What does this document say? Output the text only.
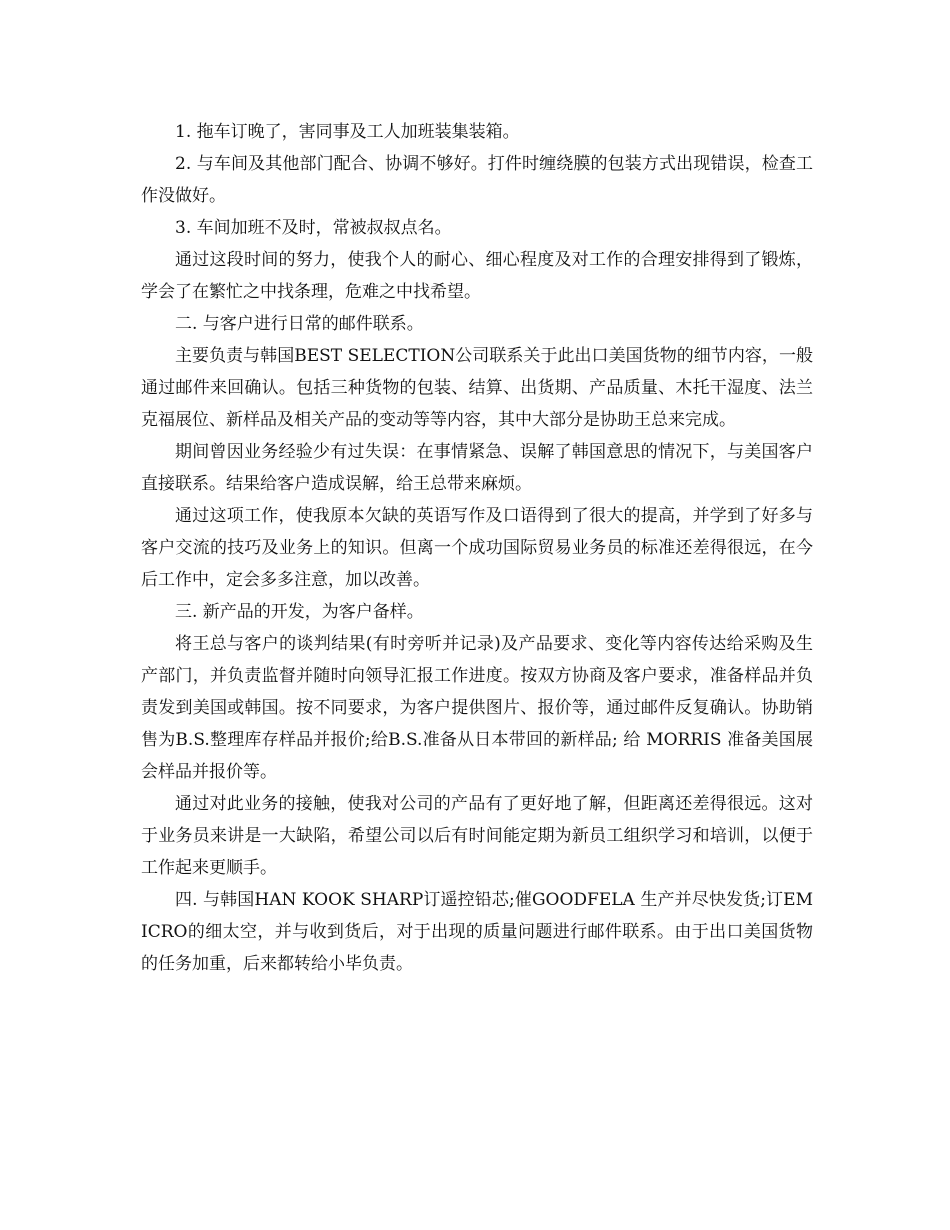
1. 拖车订晚了，害同事及工人加班装集装箱。

2. 与车间及其他部门配合、协调不够好。打件时缠绕膜的包装方式出现错误，检查工作没做好。

3. 车间加班不及时，常被叔叔点名。

通过这段时间的努力，使我个人的耐心、细心程度及对工作的合理安排得到了锻炼，学会了在繁忙之中找条理，危难之中找希望。

二. 与客户进行日常的邮件联系。

主要负责与韩国BEST SELECTION公司联系关于此出口美国货物的细节内容，一般通过邮件来回确认。包括三种货物的包装、结算、出货期、产品质量、木托干湿度、法兰克福展位、新样品及相关产品的变动等等内容，其中大部分是协助王总来完成。

期间曾因业务经验少有过失误：在事情紧急、误解了韩国意思的情况下，与美国客户直接联系。结果给客户造成误解，给王总带来麻烦。

通过这项工作，使我原本欠缺的英语写作及口语得到了很大的提高，并学到了好多与客户交流的技巧及业务上的知识。但离一个成功国际贸易业务员的标准还差得很远，在今后工作中，定会多多注意，加以改善。

三. 新产品的开发，为客户备样。

将王总与客户的谈判结果(有时旁听并记录)及产品要求、变化等内容传达给采购及生产部门，并负责监督并随时向领导汇报工作进度。按双方协商及客户要求，准备样品并负责发到美国或韩国。按不同要求，为客户提供图片、报价等，通过邮件反复确认。协助销售为B.S.整理库存样品并报价;给B.S.准备从日本带回的新样品; 给 MORRIS 准备美国展会样品并报价等。

通过对此业务的接触，使我对公司的产品有了更好地了解，但距离还差得很远。这对于业务员来讲是一大缺陷，希望公司以后有时间能定期为新员工组织学习和培训，以便于工作起来更顺手。

四. 与韩国HAN KOOK SHARP订遥控铅芯;催GOODFELA 生产并尽快发货;订EMICRO的细太空，并与收到货后，对于出现的质量问题进行邮件联系。由于出口美国货物的任务加重，后来都转给小毕负责。
